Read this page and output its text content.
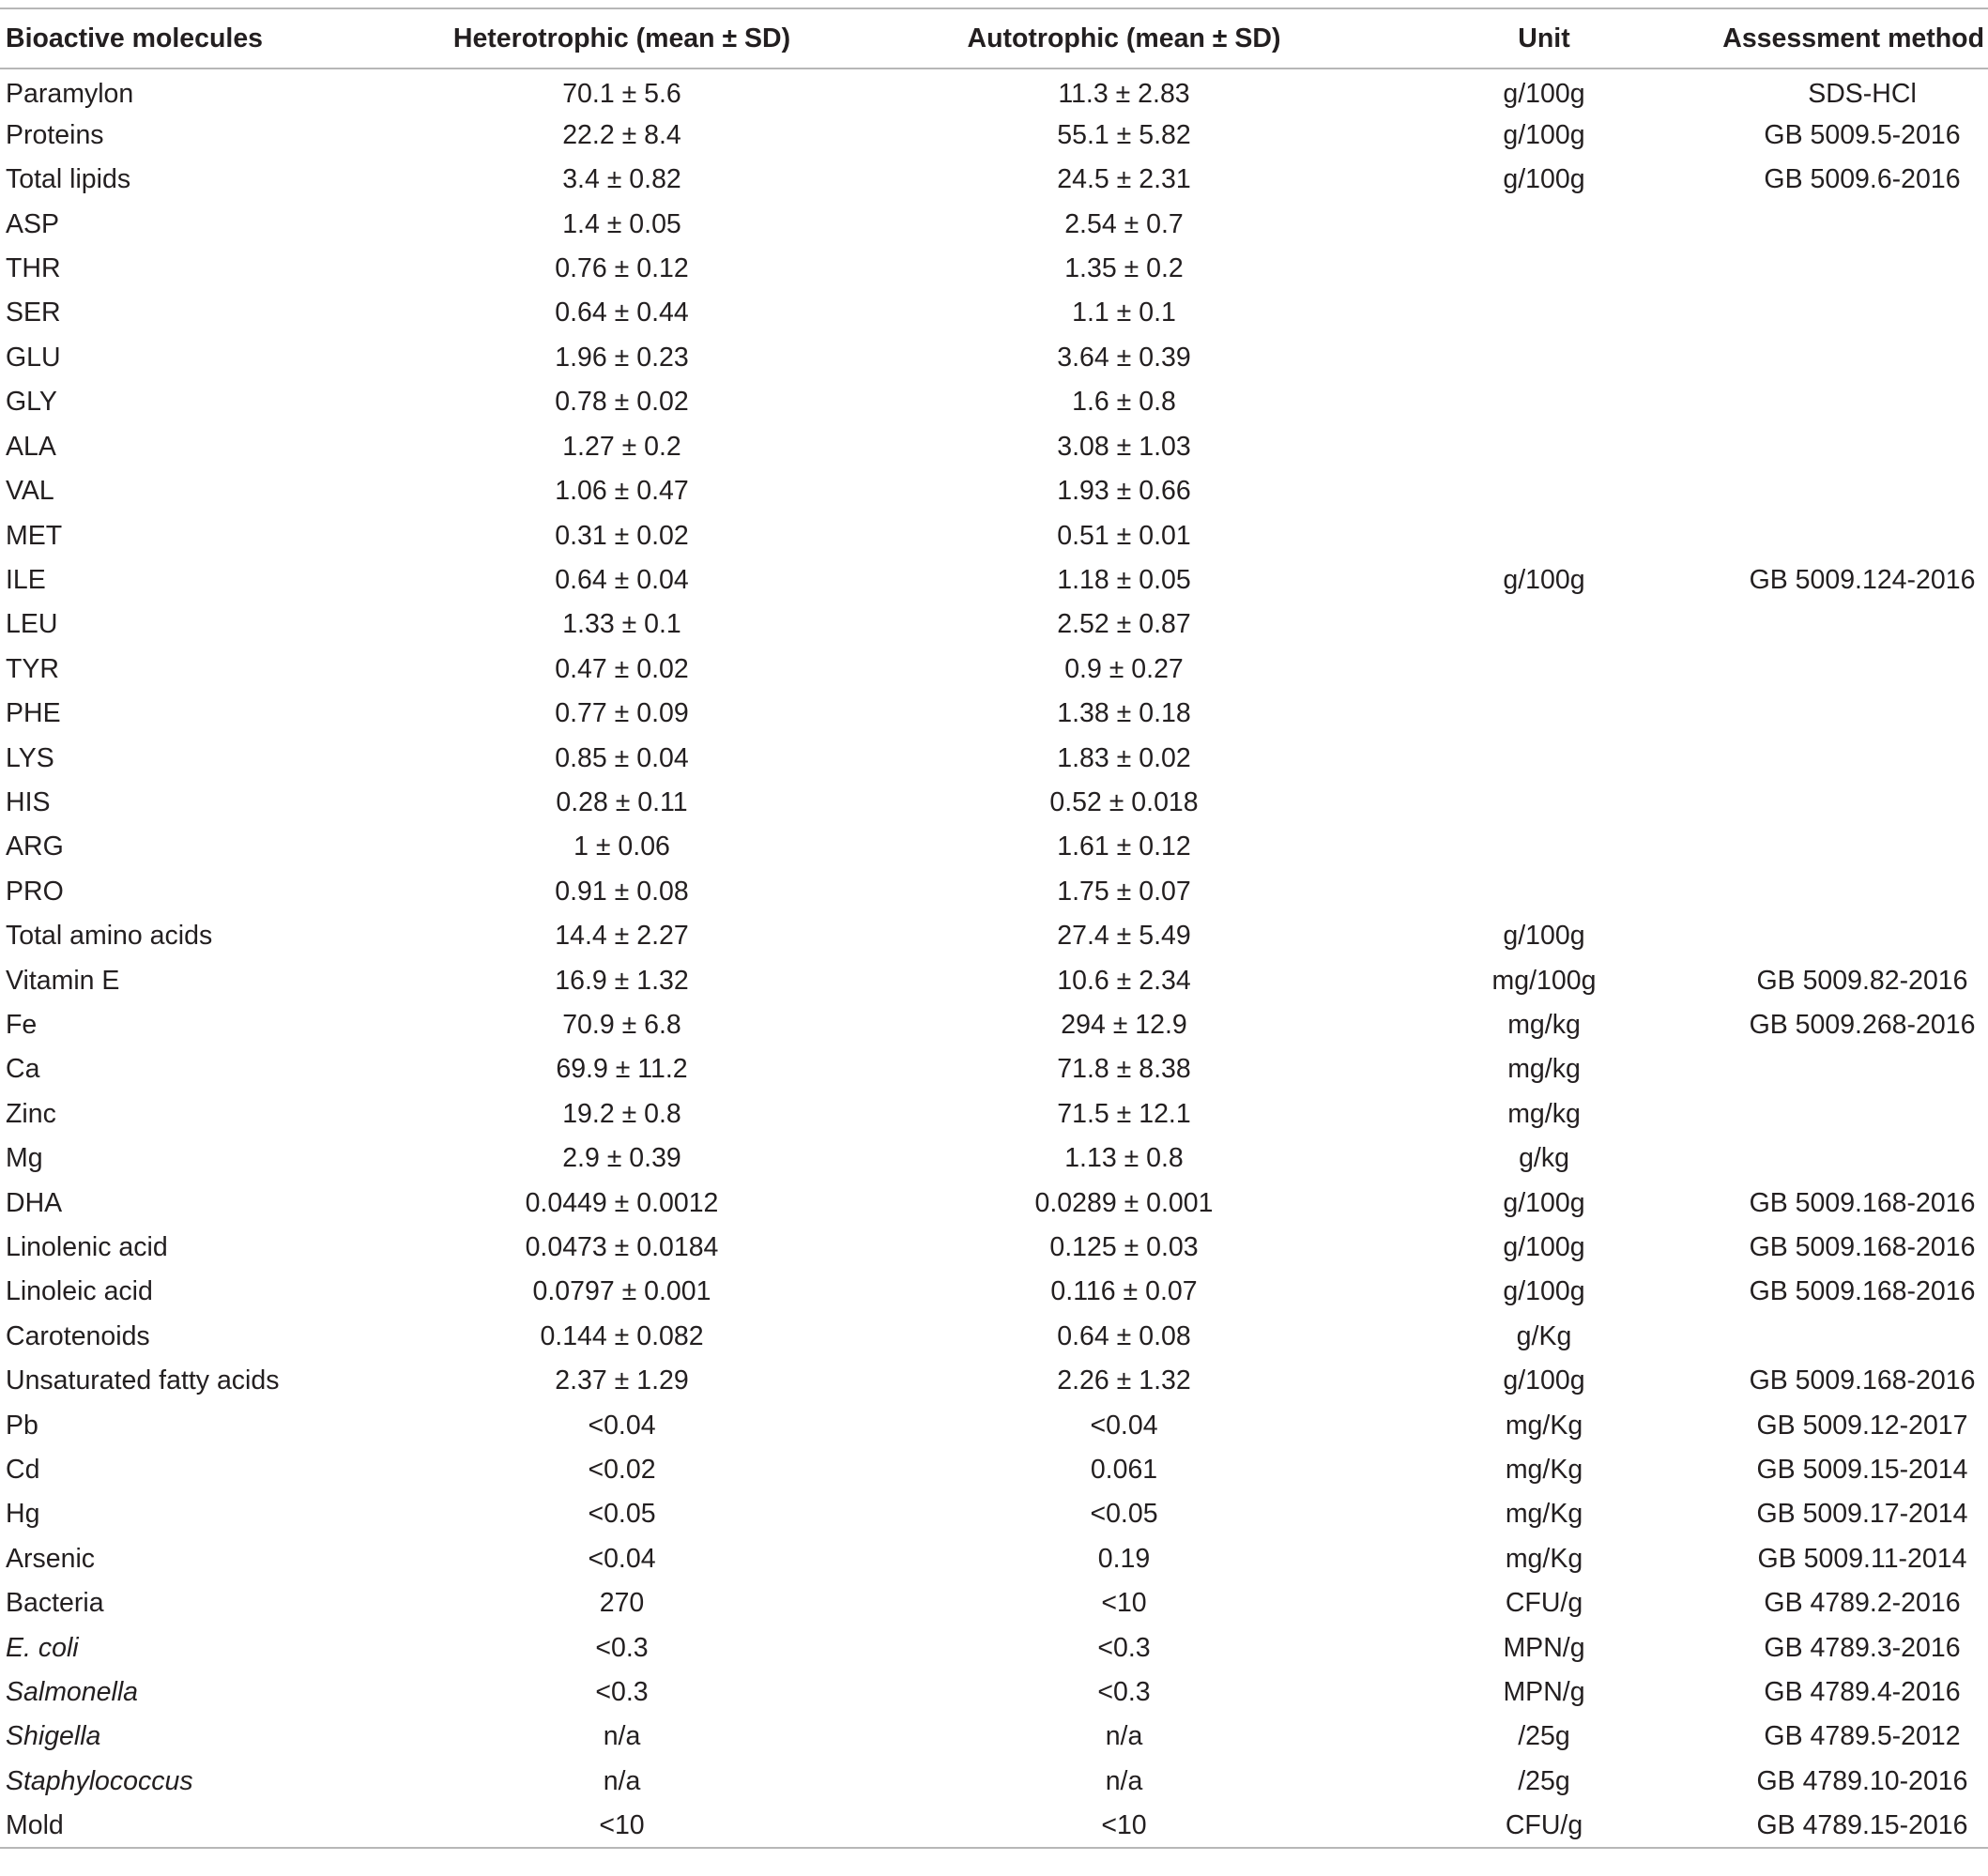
Bioactive molecules	Heterotrophic (mean ± SD)	Autotrophic (mean ± SD)	Unit	Assessment method
Paramylon	70.1 ± 5.6	11.3 ± 2.83	g/100g	SDS-HCl
Proteins	22.2 ± 8.4	55.1 ± 5.82	g/100g	GB 5009.5-2016
Total lipids	3.4 ± 0.82	24.5 ± 2.31	g/100g	GB 5009.6-2016
ASP	1.4 ± 0.05	2.54 ± 0.7		
THR	0.76 ± 0.12	1.35 ± 0.2		
SER	0.64 ± 0.44	1.1 ± 0.1		
GLU	1.96 ± 0.23	3.64 ± 0.39		
GLY	0.78 ± 0.02	1.6 ± 0.8		
ALA	1.27 ± 0.2	3.08 ± 1.03		
VAL	1.06 ± 0.47	1.93 ± 0.66		
MET	0.31 ± 0.02	0.51 ± 0.01		
ILE	0.64 ± 0.04	1.18 ± 0.05	g/100g	GB 5009.124-2016
LEU	1.33 ± 0.1	2.52 ± 0.87		
TYR	0.47 ± 0.02	0.9 ± 0.27		
PHE	0.77 ± 0.09	1.38 ± 0.18		
LYS	0.85 ± 0.04	1.83 ± 0.02		
HIS	0.28 ± 0.11	0.52 ± 0.018		
ARG	1 ± 0.06	1.61 ± 0.12		
PRO	0.91 ± 0.08	1.75 ± 0.07		
Total amino acids	14.4 ± 2.27	27.4 ± 5.49	g/100g	
Vitamin E	16.9 ± 1.32	10.6 ± 2.34	mg/100g	GB 5009.82-2016
Fe	70.9 ± 6.8	294 ± 12.9	mg/kg	GB 5009.268-2016
Ca	69.9 ± 11.2	71.8 ± 8.38	mg/kg	
Zinc	19.2 ± 0.8	71.5 ± 12.1	mg/kg	
Mg	2.9 ± 0.39	1.13 ± 0.8	g/kg	
DHA	0.0449 ± 0.0012	0.0289 ± 0.001	g/100g	GB 5009.168-2016
Linolenic acid	0.0473 ± 0.0184	0.125 ± 0.03	g/100g	GB 5009.168-2016
Linoleic acid	0.0797 ± 0.001	0.116 ± 0.07	g/100g	GB 5009.168-2016
Carotenoids	0.144 ± 0.082	0.64 ± 0.08	g/Kg	
Unsaturated fatty acids	2.37 ± 1.29	2.26 ± 1.32	g/100g	GB 5009.168-2016
Pb	<0.04	<0.04	mg/Kg	GB 5009.12-2017
Cd	<0.02	0.061	mg/Kg	GB 5009.15-2014
Hg	<0.05	<0.05	mg/Kg	GB 5009.17-2014
Arsenic	<0.04	0.19	mg/Kg	GB 5009.11-2014
Bacteria	270	<10	CFU/g	GB 4789.2-2016
E. coli	<0.3	<0.3	MPN/g	GB 4789.3-2016
Salmonella	<0.3	<0.3	MPN/g	GB 4789.4-2016
Shigella	n/a	n/a	/25g	GB 4789.5-2012
Staphylococcus	n/a	n/a	/25g	GB 4789.10-2016
Mold	<10	<10	CFU/g	GB 4789.15-2016
